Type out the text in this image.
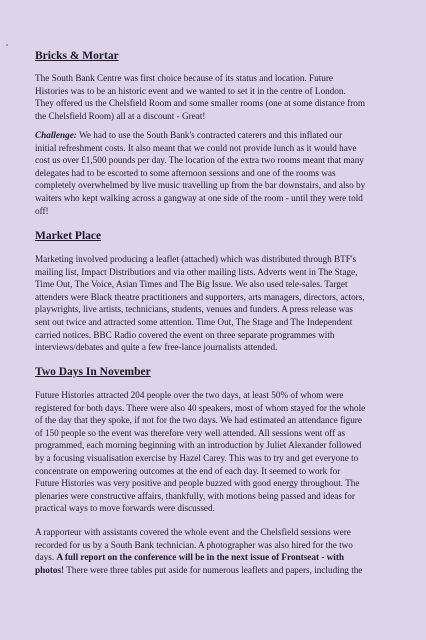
Bricks & Mortar
The South Bank Centre was first choice because of its status and location. Future
Histories was to be an historic event and we wanted to set it in the centre of London.
They offered us the Chelsfield Room and some smaller rooms (one at some distance from
the Chelsfield Room) all at a discount - Great!
Challenge: We had to use the South Bank's contracted caterers and this inflated our
initial refreshment costs. It also meant that we could not provide lunch as it would have
cost us over £1,500 pounds per day. The location of the extra two rooms meant that many
delegates had to be escorted to some afternoon sessions and one of the rooms was
completely overwhelmed by live music travelling up from the bar downstairs, and also by
waiters who kept walking across a gangway at one side of the room - until they were told
off!
Market Place
Marketing involved producing a leaflet (attached) which was distributed through BTF's
mailing list, Impact Distributiors and via other mailing lists. Adverts went in The Stage,
Time Out, The Voice, Asian Times and The Big Issue. We also used tele-sales. Target
attenders were Black theatre practitioners and supporters, arts managers, directors, actors,
playwrights, live artists, technicians, students, venues and funders. A press release was
sent out twice and attracted some attention. Time Out, The Stage and The Independent
carried notices. BBC Radio covered the event on three separate programmes with
interviews/debates and quite a few free-lance journalists attended.
Two Days In November
Future Histories attracted 204 people over the two days, at least 50% of whom were
registered for both days. There were also 40 speakers, most of whom stayed for the whole
of the day that they spoke, if not for the two days. We had estimated an attendance figure
of 150 people so the event was therefore very well attended. All sessions went off as
programmed, each morning beginning with an introduction by Juliet Alexander followed
by a focusing visualisation exercise by Hazel Carey. This was to try and get everyone to
concentrate on empowering outcomes at the end of each day. It seemed to work for
Future Histories was very positive and people buzzed with good energy throughout. The
plenaries were constructive affairs, thankfully, with motions being passed and ideas for
practical ways to move forwards were discussed.
A rapporteur with assistants covered the whole event and the Chelsfield sessions were
recorded for us by a South Bank technician. A photographer was also hired for the two
days. A full report on the conference will be in the next issue of Frontseat - with
photos! There were three tables put aside for numerous leaflets and papers, including the
